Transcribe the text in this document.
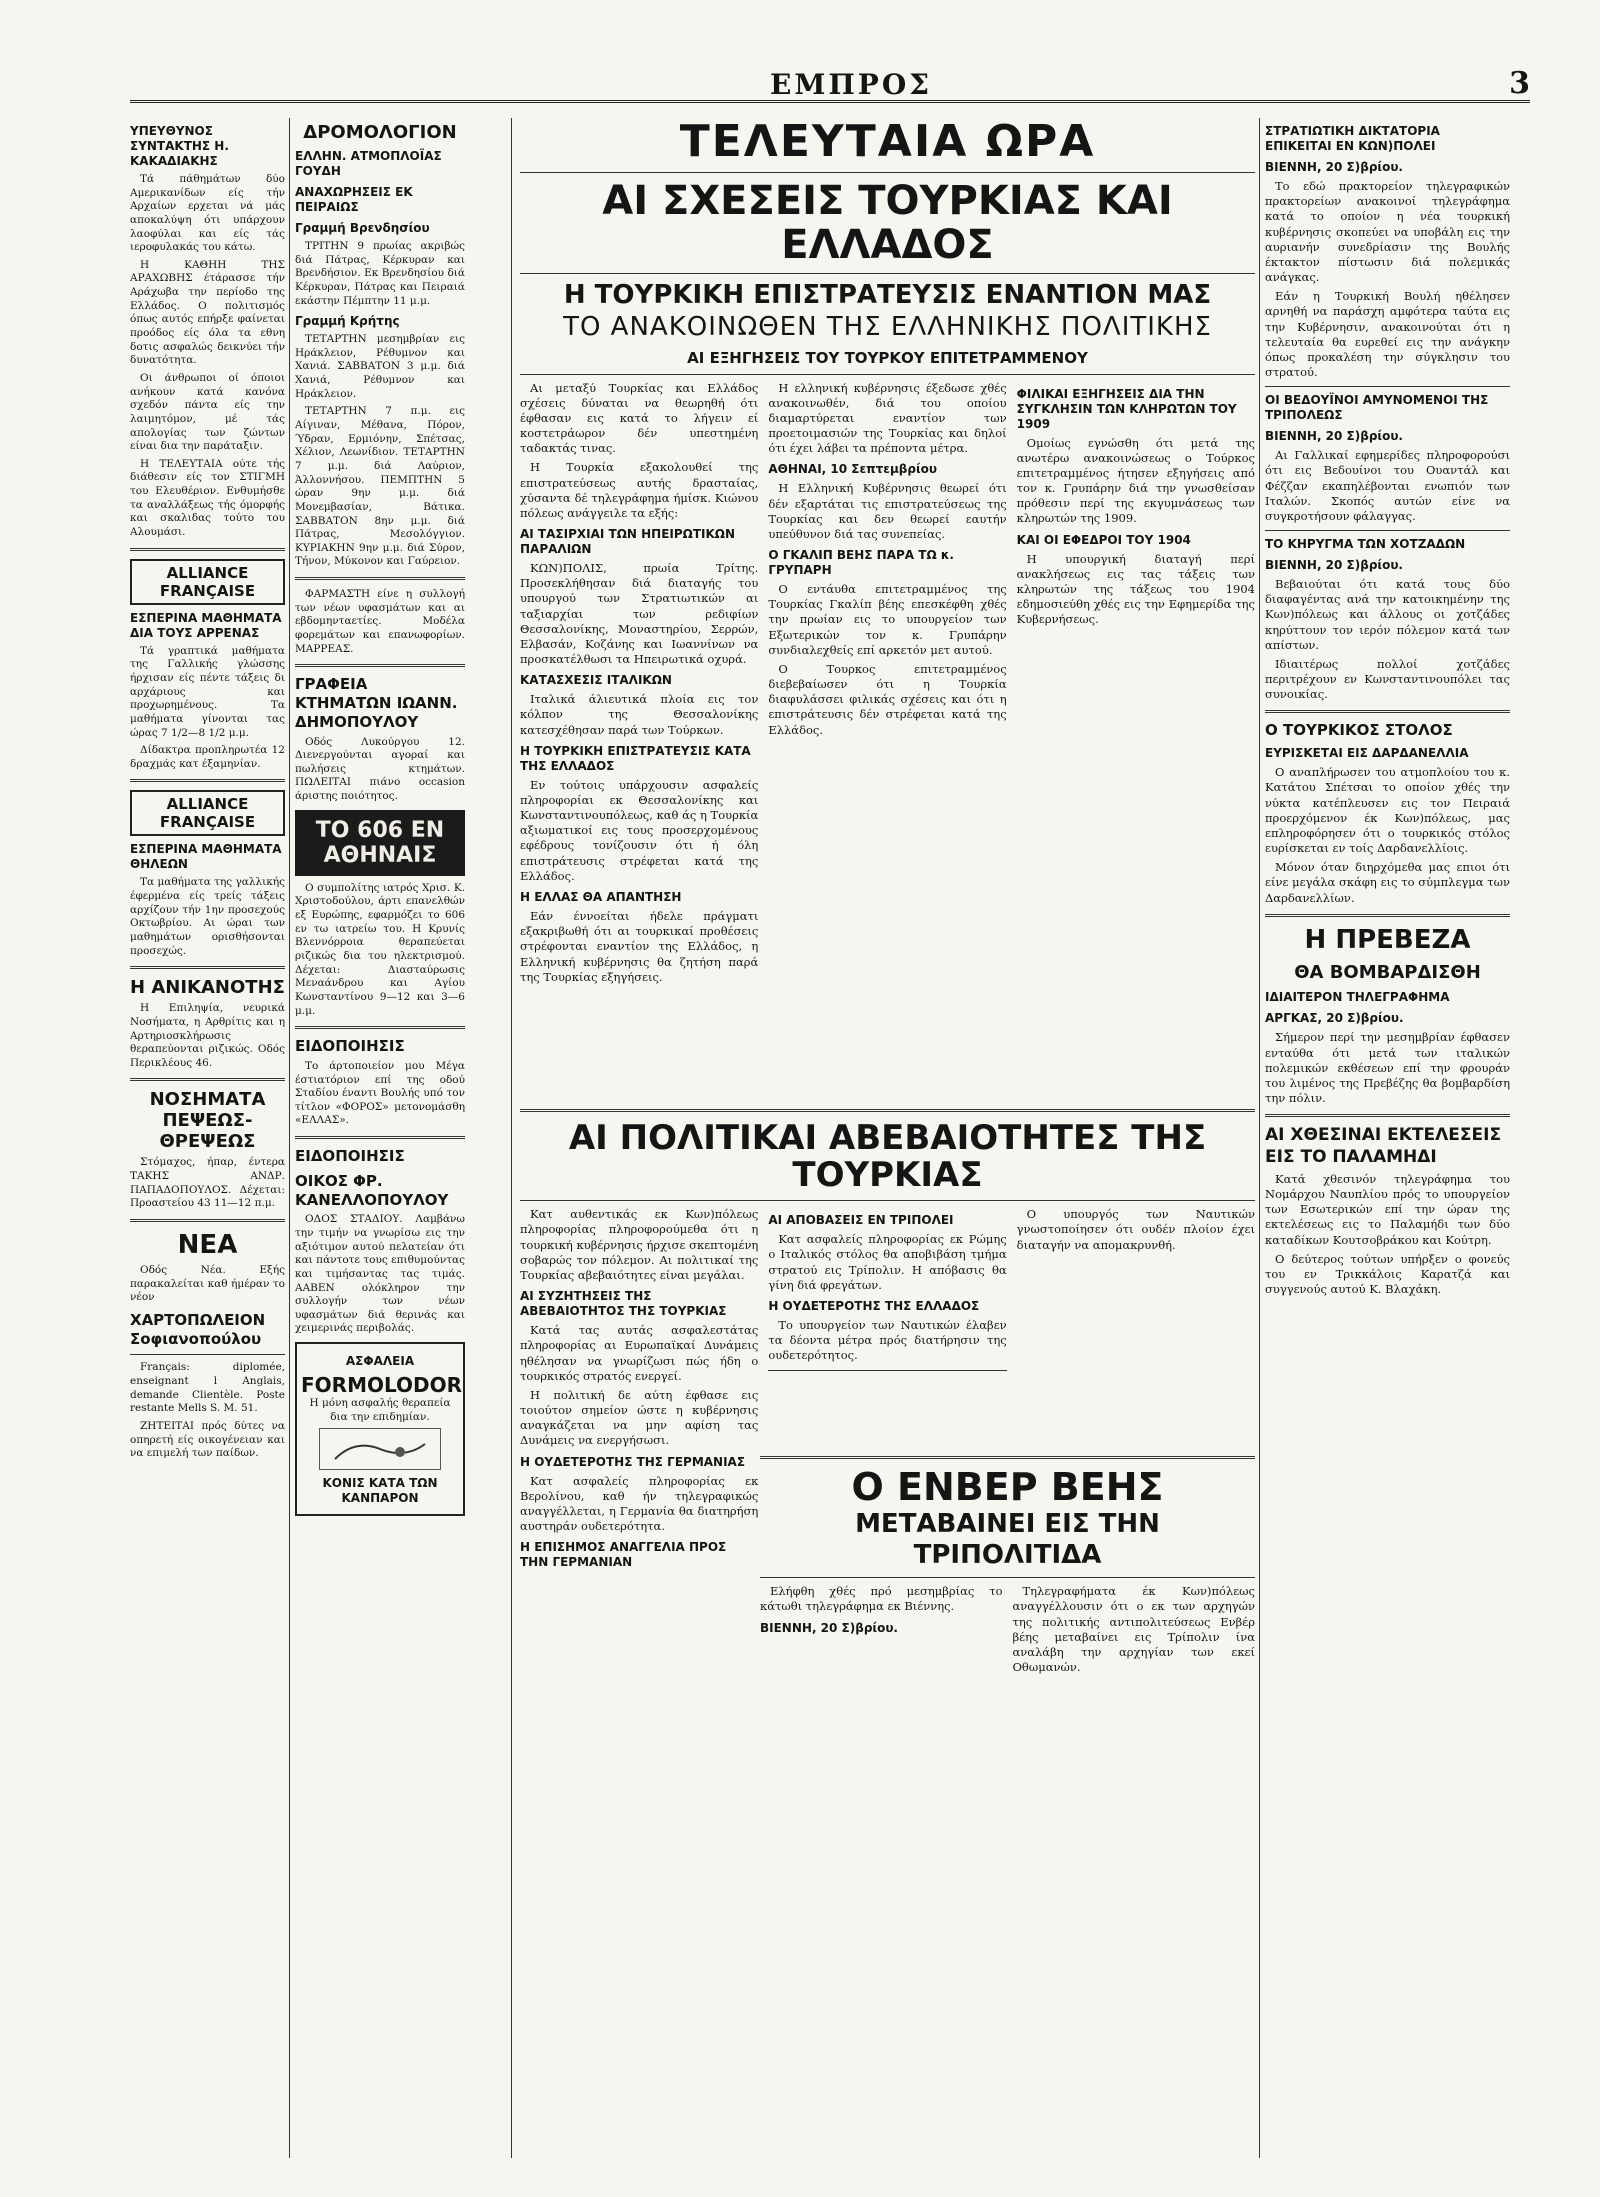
ΕΜΠΡΟΣ	3
ΥΠΕΥΘΥΝΟΣ ΣΥΝΤΑΚΤΗΣ Η. ΚΑΚΑΔΙΑΚΗΣ

Τά πάθημάτων δύο Αμερικανίδων είς τήν Αρχαίων ερχεται νά μάς αποκαλύψη ότι υπάρχουν λαοφύλαι και είς τάς ιεροφυλακάς του κάτω.

Η ΚΑΘΗΗ ΤΗΣ ΑΡΑΧΩΒΗΣ έτάρασσε τήν Αράχωβα την περίοδο της Ελλάδος. Ο πολιτισμός όπως αυτός επήρξε φαίνεται προόδος είς όλα τα εθνη δοτις ασφαλώς δεικνύει τήν δυνατότητα.

Οι άνθρωποι οί όποιοι ανήκουν κατά κανόνα σχεδόν πάντα είς την λαιμητόμον, μέ τάς απολογίας των ζώντων είναι δια την παράταξιν.

Η ΤΕΛΕΥΤΑΙΑ ούτε τής διάθεσιν είς τον ΣΤΙΓΜΗ του Ελευθέριον. Ενθυμήσθε τα αναλλάξεως τής όμορφής και σκαλιδας τούτο του Αλουμάσι.

ALLIANCE FRANÇAISE
ΕΣΠΕΡΙΝΑ ΜΑΘΗΜΑΤΑ ΔΙΑ ΤΟΥΣ ΑΡΡΕΝΑΣ

Τά γραπτικά μαθήματα της Γαλλικής γλώσσης ήρχισαν είς πέντε τάξεις δι αρχάριους και προχωρημένους. Τα μαθήματα γίνονται τας ώρας 7 1/2—8 1/2 μ.μ.

Δίδακτρα προπληρωτέα 12 δραχμάς κατ έξαμηνίαν.

ALLIANCE FRANÇAISE
ΕΣΠΕΡΙΝΑ ΜΑΘΗΜΑΤΑ ΘΗΛΕΩΝ

Τα μαθήματα της γαλλικής έφερμένα είς τρείς τάξεις αρχίζουν τήν 1ην προσεχούς Οκτωβρίου. Αι ώραι των μαθημάτων ορισθήσονται προσεχώς.

Η ΑΝΙΚΑΝΟΤΗΣ

Η Επιληψία, νευρικά Νοσήματα, η Αρθρίτις και η Αρτηριοσκλήρωσις θεραπεύονται ριζικώς. Οδός Περικλέους 46.

ΝΟΣΗΜΑΤΑ ΠΕΨΕΩΣ-ΘΡΕΨΕΩΣ

Στόμαχος, ήπαρ, έντερα ΤΑΚΗΣ ΑΝΔΡ. ΠΑΠΑΔΟΠΟΥΛΟΣ. Δέχεται: Προαστείου 43 11—12 π.μ.

ΝΕΑ

Οδός Νέα. Εξής παρακαλείται καθ ήμέραν το νέον

ΧΑΡΤΟΠΩΛΕΙΟΝ Σοφιανοπούλου

Français: diplomée, enseignant l Anglais, demande Clientèle. Poste restante Mells S. M. 51.

ΖΗΤΕΙΤΑΙ πρός δύτες να οπηρετή είς οικογένειαν και να επιμελή των παίδων.

ΔΡΟΜΟΛΟΓΙΟΝ
ΕΛΛΗΝ. ΑΤΜΟΠΛΟΪΑΣ ΓΟΥΔΗ
ΑΝΑΧΩΡΗΣΕΙΣ ΕΚ ΠΕΙΡΑΙΩΣ
Γραμμή Βρενδησίου

ΤΡΙΤΗΝ 9 πρωίας ακριβώς διά Πάτρας, Κέρκυραν και Βρενδήσιον. Εκ Βρενδησίου διά Κέρκυραν, Πάτρας και Πειραιά εκάστην Πέμπτην 11 μ.μ.

Γραμμή Κρήτης

ΤΕΤΑΡΤΗΝ μεσημβρίαν εις Ηράκλειον, Ρέθυμνον και Χανιά. ΣΑΒΒΑΤΟΝ 3 μ.μ. διά Χανιά, Ρέθυμνον και Ηράκλειον.

ΤΕΤΑΡΤΗΝ 7 π.μ. εις Αίγιναν, Μέθανα, Πόρον, Ύδραν, Ερμιόνην, Σπέτσας, Χέλιον, Λεωνίδιον. ΤΕΤΑΡΤΗΝ 7 μ.μ. διά Λαύριον, Άλλοννήσου. ΠΕΜΠΤΗΝ 5 ώραν 9ην μ.μ. διά Μονεμβασίαν, Βάτικα. ΣΑΒΒΑΤΟΝ 8ην μ.μ. διά Πάτρας, Μεσολόγγιον. ΚΥΡΙΑΚΗΝ 9ην μ.μ. διά Σύρον, Τήνον, Μύκονον και Γαύρειον.

ΦΑΡΜΑΣΤΗ είνε η συλλογή των νέων υφασμάτων και αι εβδομηνταετίες. Μοδέλα φορεμάτων και επανωφορίων. ΜΑΡΡΕΑΣ.

ΓΡΑΦΕΙΑ ΚΤΗΜΑΤΩΝ ΙΩΑΝΝ. ΔΗΜΟΠΟΥΛΟΥ

Οδός Λυκούργου 12. Διενεργούνται αγοραί και πωλήσεις κτημάτων. ΠΩΛΕΙΤΑΙ πιάνο occasion άριστης ποιότητος.

ΤΟ 606 ΕΝ ΑΘΗΝΑΙΣ

Ο συμπολίτης ιατρός Χρισ. Κ. Χριστοδούλου, άρτι επανελθών εξ Ευρώπης, εφαρμόζει το 606 εν τω ιατρείω του. Η Κρυνίς Βλεννόρροια θεραπεύεται ριζικώς δια του ηλεκτρισμού. Δέχεται: Διασταύρωσις Μεναάνδρου και Αγίου Κωνσταντίνου 9—12 και 3—6 μ.μ.

ΕΙΔΟΠΟΙΗΣΙΣ

Το άρτοποιείον μου Μέγα έστιατόριον επί της οδού Σταδίου έναντι Βουλής υπό τον τίτλον «ΦΟΡΟΣ» μετονομάσθη «ΕΛΛΑΣ».

ΕΙΔΟΠΟΙΗΣΙΣ
ΟΙΚΟΣ ΦΡ. ΚΑΝΕΛΛΟΠΟΥΛΟΥ

ΟΔΟΣ ΣΤΑΔΙΟΥ. Λαμβάνω την τιμήν να γνωρίσω εις την αξιότιμον αυτού πελατείαν ότι και πάντοτε τους επιθυμούντας και τιμήσαντας τας τιμάς. ΑΑΒΕΝ ολόκληρον την συλλογήν των νέων υφασμάτων διά θερινάς και χειμερινάς περιβολάς.

ΑΣΦΑΛΕΙΑ
FORMOLODOR

Η μόνη ασφαλής θεραπεία δια την επιδημίαν.

ΚΟΝΙΣ ΚΑΤΑ ΤΩΝ ΚΑΝΠΑΡΟΝ
ΤΕΛΕΥΤΑΙΑ ΩΡΑ
ΑΙ ΣΧΕΣΕΙΣ ΤΟΥΡΚΙΑΣ ΚΑΙ ΕΛΛΑΔΟΣ
Η ΤΟΥΡΚΙΚΗ ΕΠΙΣΤΡΑΤΕΥΣΙΣ ΕΝΑΝΤΙΟΝ ΜΑΣ
ΤΟ ΑΝΑΚΟΙΝΩΘΕΝ ΤΗΣ ΕΛΛΗΝΙΚΗΣ ΠΟΛΙΤΙΚΗΣ
ΑΙ ΕΞΗΓΗΣΕΙΣ ΤΟΥ ΤΟΥΡΚΟΥ ΕΠΙΤΕΤΡΑΜΜΕΝΟΥ

Αι μεταξύ Τουρκίας και Ελλάδος σχέσεις δύναται να θεωρηθή ότι έφθασαν εις κατά το λήγειν εί κοστετράωρον δέν υπεστημένη ταδακτάς τινας.

Η Τουρκία εξακολουθεί της επιστρατεύσεως αυτής δρασταίας, χύσαντα δέ τηλεγράφημα ήμίσκ. Κιώνου πόλεως ανάγγειλε τα εξής:

ΑΙ ΤΑΣΙΡΧΙΑΙ ΤΩΝ ΗΠΕΙΡΩΤΙΚΩΝ ΠΑΡΑΛΙΩΝ

ΚΩΝ)ΠΟΛΙΣ, πρωία Τρίτης. Προσεκλήθησαν διά διαταγής του υπουργού των Στρατιωτικών αι ταξιαρχίαι των ρεδιφίων Θεσσαλονίκης, Μοναστηρίου, Σερρών, Ελβασάν, Κοζάνης και Ιωαννίνων να προσκατέλθωσι τα Ηπειρωτικά οχυρά.

ΚΑΤΑΣΧΕΣΙΣ ΙΤΑΛΙΚΩΝ

Ιταλικά άλιευτικά πλοία εις τον κόλπον της Θεσσαλονίκης κατεσχέθησαν παρά των Τούρκων.

Η ΤΟΥΡΚΙΚΗ ΕΠΙΣΤΡΑΤΕΥΣΙΣ ΚΑΤΑ ΤΗΣ ΕΛΛΑΔΟΣ

Εν τούτοις υπάρχουσιν ασφαλείς πληροφορίαι εκ Θεσσαλονίκης και Κωνσταντινουπόλεως, καθ άς η Τουρκία αξιωματικοί εις τους προσερχομένους εφέδρους τονίζουσιν ότι ή όλη επιστράτευσις στρέφεται κατά της Ελλάδος.

Η ΕΛΛΑΣ ΘΑ ΑΠΑΝΤΗΣΗ

Εάν έννοείται ήδελε πράγματι εξακριβωθή ότι αι τουρκικαί προθέσεις στρέφονται εναντίον της Ελλάδος, η Ελληνική κυβέρνησις θα ζητήση παρά της Τουρκίας εξηγήσεις.

Η ελληνική κυβέρνησις έξεδωσε χθές ανακοινωθέν, διά του οποίου διαμαρτύρεται εναντίον των προετοιμασιών της Τουρκίας και δηλοί ότι έχει λάβει τα πρέποντα μέτρα.

ΑΘΗΝΑΙ, 10 Σεπτεμβρίου

Η Ελληνική Κυβέρνησις θεωρεί ότι δέν εξαρτάται τις επιστρατεύσεως της Τουρκίας και δεν θεωρεί εαυτήν υπεύθυνον διά τας συνεπείας.

Ο ΓΚΑΛΙΠ ΒΕΗΣ ΠΑΡΑ ΤΩ κ. ΓΡΥΠΑΡΗ

Ο εντάυθα επιτετραμμένος της Τουρκίας Γκαλίπ βέης επεσκέφθη χθές την πρωίαν εις το υπουργείον των Εξωτερικών τον κ. Γρυπάρην συνδιαλεχθείς επί αρκετόν μετ αυτού.

Ο Τουρκος επιτετραμμένος διεβεβαίωσεν ότι η Τουρκία διαφυλάσσει φιλικάς σχέσεις και ότι η επιστράτευσις δέν στρέφεται κατά της Ελλάδος.

ΦΙΛΙΚΑΙ ΕΞΗΓΗΣΕΙΣ ΔΙΑ ΤΗΝ ΣΥΓΚΛΗΣΙΝ ΤΩΝ ΚΛΗΡΩΤΩΝ ΤΟΥ 1909

Ομοίως εγνώσθη ότι μετά της ανωτέρω ανακοινώσεως ο Τούρκος επιτετραμμένος ήτησεν εξηγήσεις από τον κ. Γρυπάρην διά την γνωσθείσαν πρόθεσιν περί της εκγυμνάσεως των κληρωτών της 1909.

ΚΑΙ ΟΙ ΕΦΕΔΡΟΙ ΤΟΥ 1904

Η υπουργική διαταγή περί ανακλήσεως εις τας τάξεις των κληρωτών της τάξεως του 1904 εδημοσιεύθη χθές εις την Εφημερίδα της Κυβερνήσεως.

ΑΙ ΠΟΛΙΤΙΚΑΙ ΑΒΕΒΑΙΟΤΗΤΕΣ ΤΗΣ ΤΟΥΡΚΙΑΣ

Κατ αυθεντικάς εκ Κων)πόλεως πληροφορίας πληροφορούμεθα ότι η τουρκική κυβέρνησις ήρχισε σκεπτομένη σοβαρώς τον πόλεμον. Αι πολιτικαί της Τουρκίας αβεβαιότητες είναι μεγάλαι.

ΑΙ ΣΥΖΗΤΗΣΕΙΣ ΤΗΣ ΑΒΕΒΑΙΟΤΗΤΟΣ ΤΗΣ ΤΟΥΡΚΙΑΣ

Κατά τας αυτάς ασφαλεστάτας πληροφορίας αι Ευρωπαϊκαί Δυνάμεις ηθέλησαν να γνωρίζωσι πώς ήδη ο τουρκικός στρατός ενεργεί.

Η πολιτική δε αύτη έφθασε εις τοιούτον σημείον ώστε η κυβέρνησις αναγκάζεται να μην αφίση τας Δυνάμεις να ενεργήσωσι.

Η ΟΥΔΕΤΕΡΟΤΗΣ ΤΗΣ ΓΕΡΜΑΝΙΑΣ

Κατ ασφαλείς πληροφορίας εκ Βερολίνου, καθ ήν τηλεγραφικώς αναγγέλλεται, η Γερμανία θα διατηρήση αυστηράν ουδετερότητα.

Η ΕΠΙΣΗΜΟΣ ΑΝΑΓΓΕΛΙΑ ΠΡΟΣ ΤΗΝ ΓΕΡΜΑΝΙΑΝ
ΑΙ ΑΠΟΒΑΣΕΙΣ ΕΝ ΤΡΙΠΟΛΕΙ

Κατ ασφαλείς πληροφορίας εκ Ρώμης ο Ιταλικός στόλος θα αποβιβάση τμήμα στρατού εις Τρίπολιν. Η απόβασις θα γίνη διά φρεγάτων.

Η ΟΥΔΕΤΕΡΟΤΗΣ ΤΗΣ ΕΛΛΑΔΟΣ

Το υπουργείον των Ναυτικών έλαβεν τα δέοντα μέτρα πρός διατήρησιν της ουδετερότητος.

Ο υπουργός των Ναυτικών γνωστοποίησεν ότι ουδέν πλοίον έχει διαταγήν να απομακρυνθή.

Ο ΕΝΒΕΡ ΒΕΗΣ
ΜΕΤΑΒΑΙΝΕΙ ΕΙΣ ΤΗΝ ΤΡΙΠΟΛΙΤΙΔΑ

Ελήφθη χθές πρό μεσημβρίας το κάτωθι τηλεγράφημα εκ Βιέννης.

ΒΙΕΝΝΗ, 20 Σ)βρίου.

Τηλεγραφήματα έκ Κων)πόλεως αναγγέλλουσιν ότι ο εκ των αρχηγών της πολιτικής αντιπολιτεύσεως Ενβέρ βέης μεταβαίνει εις Τρίπολιν ίνα αναλάβη την αρχηγίαν των εκεί Οθωμανών.

ΣΤΡΑΤΙΩΤΙΚΗ ΔΙΚΤΑΤΟΡΙΑ ΕΠΙΚΕΙΤΑΙ ΕΝ ΚΩΝ)ΠΟΛΕΙ
ΒΙΕΝΝΗ, 20 Σ)βρίου.

Το εδώ πρακτορείον τηλεγραφικών πρακτορείων ανακοινοί τηλεγράφημα κατά το οποίον η νέα τουρκική κυβέρνησις σκοπεύει να υποβάλη εις την αυριανήν συνεδρίασιν της Βουλής έκτακτον πίστωσιν διά πολεμικάς ανάγκας.

Εάν η Τουρκική Βουλή ηθέλησεν αρνηθή να παράσχη αμφότερα ταύτα εις την Κυβέρνησιν, ανακοινούται ότι η τελευταία θα ευρεθεί εις την ανάγκην όπως προκαλέση την σύγκλησιν του στρατού.

ΟΙ ΒΕΔΟΥΪΝΟΙ ΑΜΥΝΟΜΕΝΟΙ ΤΗΣ ΤΡΙΠΟΛΕΩΣ
ΒΙΕΝΝΗ, 20 Σ)βρίου.

Αι Γαλλικαί εφημερίδες πληροφορούσι ότι εις Βεδουίνοι του Ουαντάλ και Φέζζαν εκαπηλέβονται ενωπιόν των Ιταλών. Σκοπός αυτών είνε να συγκροτήσουν φάλαγγας.

ΤΟ ΚΗΡΥΓΜΑ ΤΩΝ ΧΟΤΖΑΔΩΝ
ΒΙΕΝΝΗ, 20 Σ)βρίου.

Βεβαιούται ότι κατά τους δύο διαφαγέντας ανά την κατοικημένην της Κων)πόλεως και άλλους οι χοτζάδες κηρύττουν τον ιερόν πόλεμον κατά των απίστων.

Ιδιαιτέρως πολλοί χοτζάδες περιτρέχουν εν Κωνσταντινουπόλει τας συνοικίας.

Ο ΤΟΥΡΚΙΚΟΣ ΣΤΟΛΟΣ
ΕΥΡΙΣΚΕΤΑΙ ΕΙΣ ΔΑΡΔΑΝΕΛΛΙΑ

Ο αναπλήρωσεν του ατμοπλοίου του κ. Κατάτου Σπέτσαι το οποίον χθές την νύκτα κατέπλευσεν εις τον Πειραιά προερχόμενον έκ Κων)πόλεως, μας επληροφόρησεν ότι ο τουρκικός στόλος ευρίσκεται εν τοίς Δαρδανελλίοις.

Μόνον όταν διηρχόμεθα μας επιοι ότι είνε μεγάλα σκάφη εις το σύμπλεγμα των Δαρδανελλίων.

Η ΠΡΕΒΕΖΑ
ΘΑ ΒΟΜΒΑΡΔΙΣΘΗ
ΙΔΙΑΙΤΕΡΟΝ ΤΗΛΕΓΡΑΦΗΜΑ
ΑΡΓΚΑΣ, 20 Σ)βρίου.

Σήμερον περί την μεσημβρίαν έφθασεν ενταύθα ότι μετά των ιταλικών πολεμικών εκθέσεων επί την φρουράν του λιμένος της Πρεβέζης θα βομβαρδίση την πόλιν.

ΑΙ ΧΘΕΣΙΝΑΙ ΕΚΤΕΛΕΣΕΙΣ ΕΙΣ ΤΟ ΠΑΛΑΜΗΔΙ

Κατά χθεσινόν τηλεγράφημα του Νομάρχου Ναυπλίου πρός το υπουργείον των Εσωτερικών επί την ώραν της εκτελέσεως εις το Παλαμήδι των δύο καταδίκων Κουτσοβράκου και Κούτρη.

Ο δεύτερος τούτων υπήρξεν ο φονεύς του εν Τρικκάλοις Καρατζά και συγγενούς αυτού Κ. Βλαχάκη.
